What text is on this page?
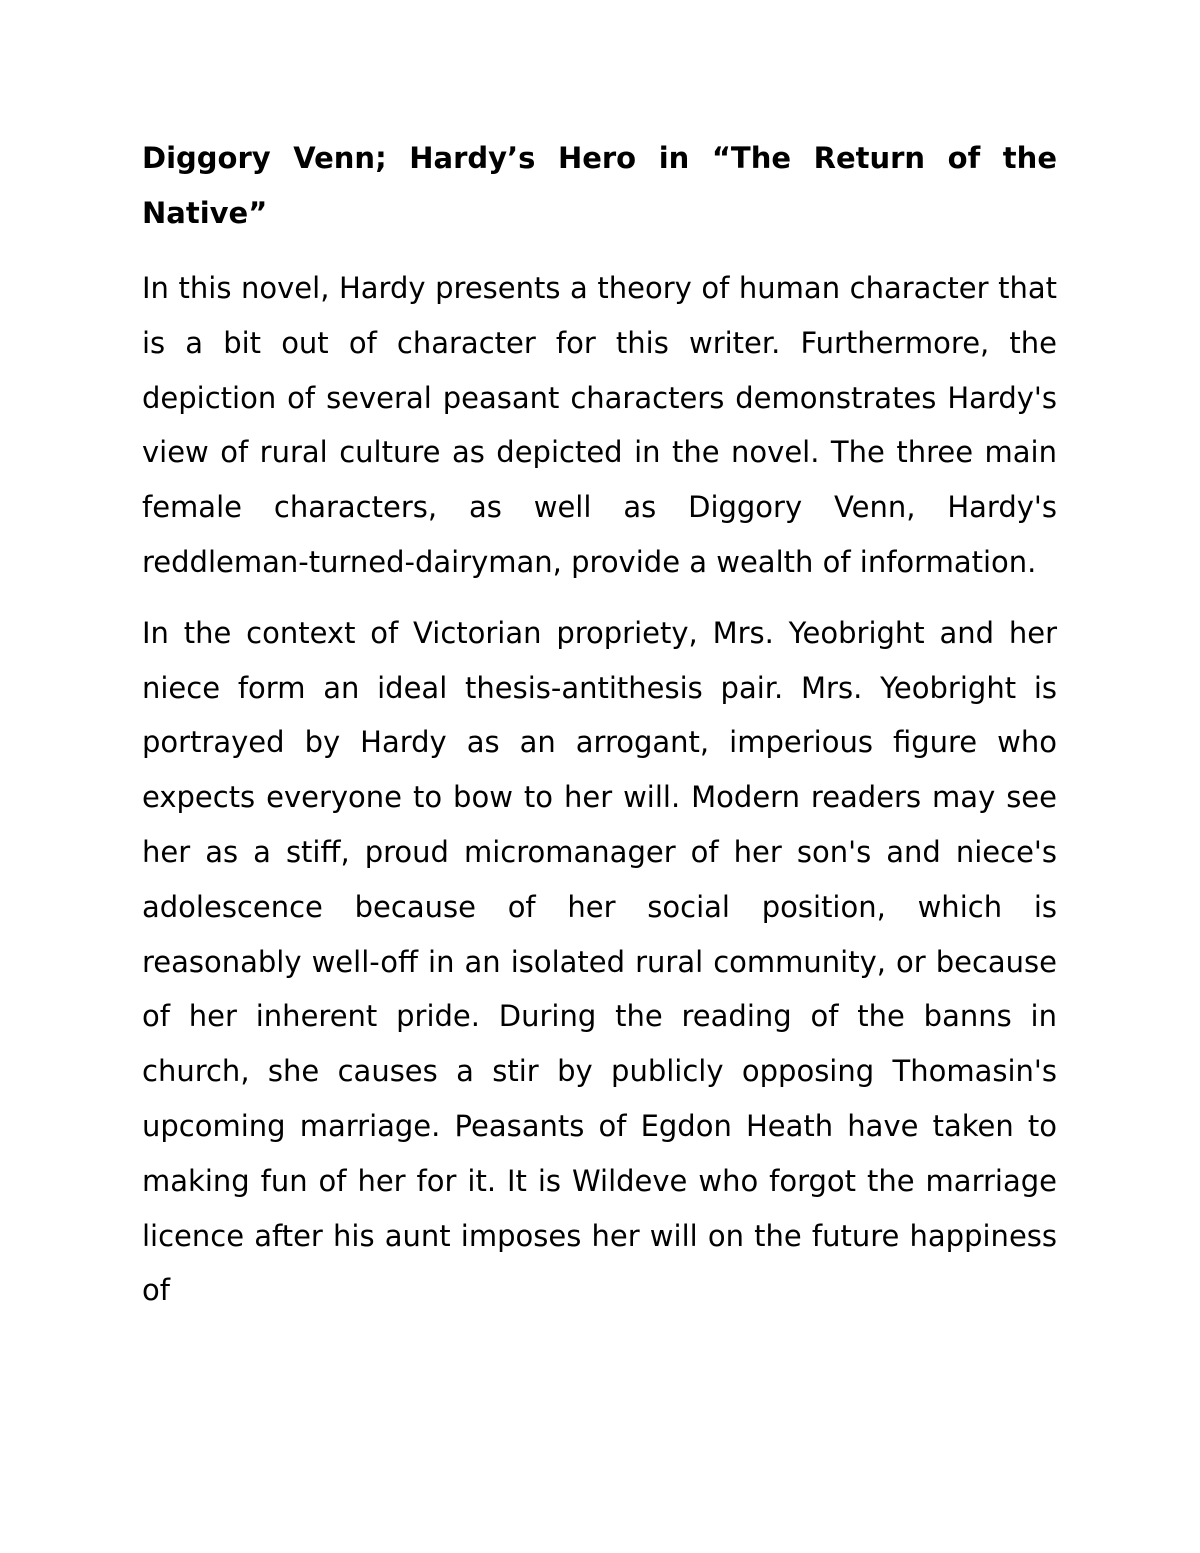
Diggory Venn; Hardy’s Hero in “The Return of the Native”

In this novel, Hardy presents a theory of human character that is a bit out of character for this writer. Furthermore, the depiction of several peasant characters demonstrates Hardy's view of rural culture as depicted in the novel. The three main female characters, as well as Diggory Venn, Hardy's reddleman-turned-dairyman, provide a wealth of information.

In the context of Victorian propriety, Mrs. Yeobright and her niece form an ideal thesis-antithesis pair. Mrs. Yeobright is portrayed by Hardy as an arrogant, imperious figure who expects everyone to bow to her will. Modern readers may see her as a stiff, proud micromanager of her son's and niece's adolescence because of her social position, which is reasonably well-off in an isolated rural community, or because of her inherent pride. During the reading of the banns in church, she causes a stir by publicly opposing Thomasin's upcoming marriage. Peasants of Egdon Heath have taken to making fun of her for it. It is Wildeve who forgot the marriage licence after his aunt imposes her will on the future happiness of
